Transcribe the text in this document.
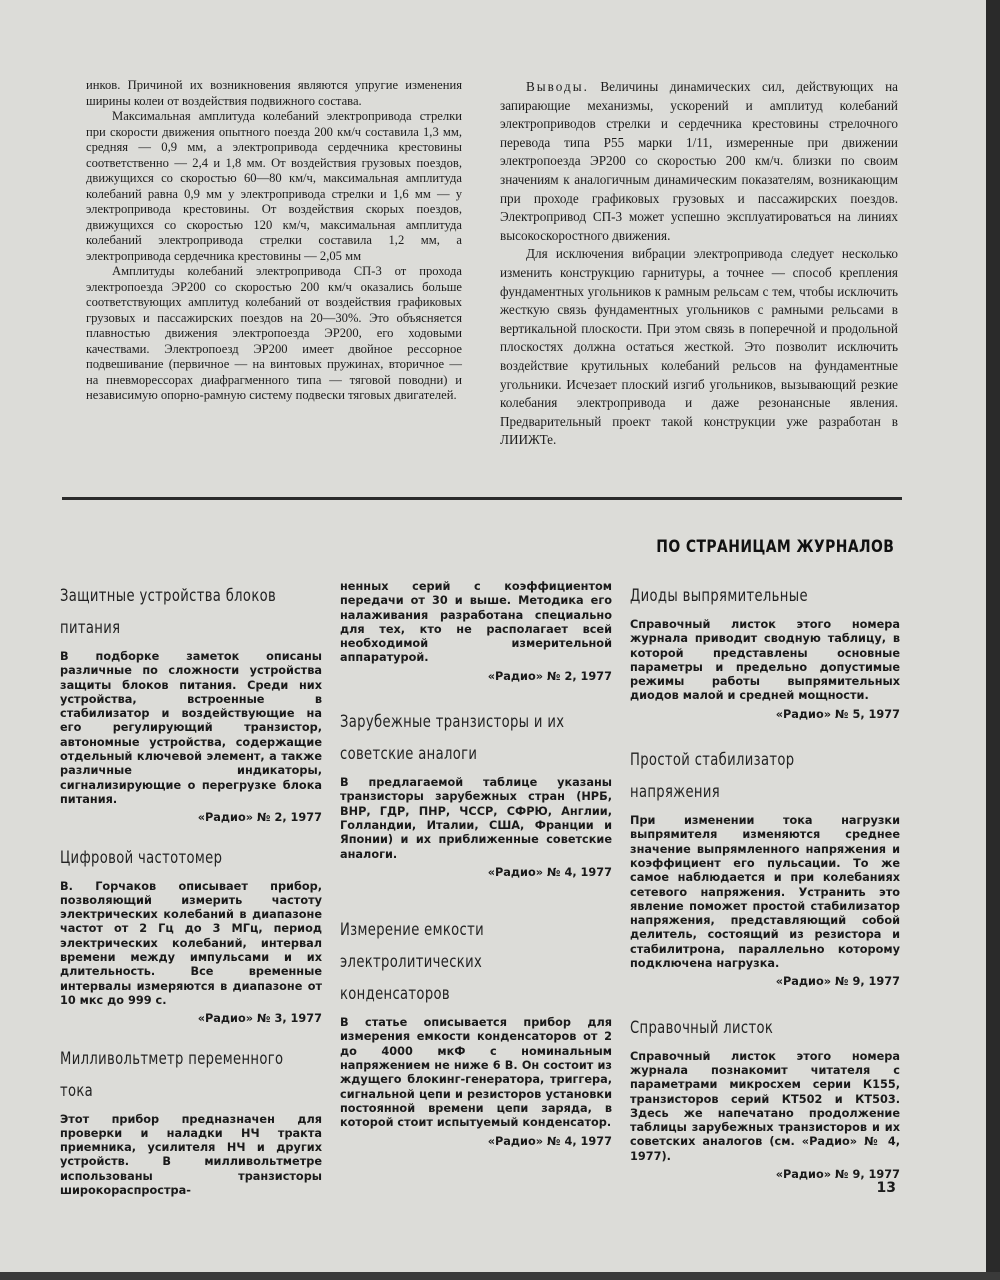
инков. Причиной их возникновения являются упругие изменения ширины колеи от воздействия подвижного состава.

Максимальная амплитуда колебаний электропривода стрелки при скорости движения опытного поезда 200 км/ч составила 1,3 мм, средняя — 0,9 мм, а электропривода сердечника крестовины соответственно — 2,4 и 1,8 мм. От воздействия грузовых поездов, движущихся со скоростью 60—80 км/ч, максимальная амплитуда колебаний равна 0,9 мм у электропривода стрелки и 1,6 мм — у электропривода крестовины. От воздействия скорых поездов, движущихся со скоростью 120 км/ч, максимальная амплитуда колебаний электропривода стрелки составила 1,2 мм, а электропривода сердечника крестовины — 2,05 мм

Амплитуды колебаний электропривода СП-3 от прохода электропоезда ЭР200 со скоростью 200 км/ч оказались больше соответствующих амплитуд колебаний от воздействия графиковых грузовых и пассажирских поездов на 20—30%. Это объясняется плавностью движения электропоезда ЭР200, его ходовыми качествами. Электропоезд ЭР200 имеет двойное рессорное подвешивание (первичное — на винтовых пружинах, вторичное — на пневморессорах диафрагменного типа — тяговой поводни) и независимую опорно-рамную систему подвески тяговых двигателей.

Выводы. Величины динамических сил, действующих на запирающие механизмы, ускорений и амплитуд колебаний электроприводов стрелки и сердечника крестовины стрелочного перевода типа Р55 марки 1/11, измеренные при движении электропоезда ЭР200 со скоростью 200 км/ч. близки по своим значениям к аналогичным динамическим показателям, возникающим при проходе графиковых грузовых и пассажирских поездов. Электропривод СП-3 может успешно эксплуатироваться на линиях высокоскоростного движения.

Для исключения вибрации электропривода следует несколько изменить конструкцию гарнитуры, а точнее — способ крепления фундаментных угольников к рамным рельсам с тем, чтобы исключить жесткую связь фундаментных угольников с рамными рельсами в вертикальной плоскости. При этом связь в поперечной и продольной плоскостях должна остаться жесткой. Это позволит исключить воздействие крутильных колебаний рельсов на фундаментные угольники. Исчезает плоский изгиб угольников, вызывающий резкие колебания электропривода и даже резонансные явления. Предварительный проект такой конструкции уже разработан в ЛИИЖТе.

ПО СТРАНИЦАМ ЖУРНАЛОВ
Защитные устройства блоков питания

В подборке заметок описаны различные по сложности устройства защиты блоков питания. Среди них устройства, встроенные в стабилизатор и воздействующие на его регулирующий транзистор, автономные устройства, содержащие отдельный ключевой элемент, а также различные индикаторы, сигнализирующие о перегрузке блока питания.

«Радио» № 2, 1977

Цифровой частотомер

В. Горчаков описывает прибор, позволяющий измерить частоту электрических колебаний в диапазоне частот от 2 Гц до 3 МГц, период электрических колебаний, интервал времени между импульсами и их длительность. Все временные интервалы измеряются в диапазоне от 10 мкс до 999 с.

«Радио» № 3, 1977

Милливольтметр переменного тока

Этот прибор предназначен для проверки и наладки НЧ тракта приемника, усилителя НЧ и других устройств. В милливольтметре использованы транзисторы широкораспростра-

ненных серий с коэффициентом передачи от 30 и выше. Методика его налаживания разработана специально для тех, кто не располагает всей необходимой измерительной аппаратурой.

«Радио» № 2, 1977

Зарубежные транзисторы и их советские аналоги

В предлагаемой таблице указаны транзисторы зарубежных стран (НРБ, ВНР, ГДР, ПНР, ЧССР, СФРЮ, Англии, Голландии, Италии, США, Франции и Японии) и их приближенные советские аналоги.

«Радио» № 4, 1977

Измерение емкости электролитических конденсаторов

В статье описывается прибор для измерения емкости конденсаторов от 2 до 4000 мкФ с номинальным напряжением не ниже 6 В. Он состоит из ждущего блокинг-генератора, триггера, сигнальной цепи и резисторов установки постоянной времени цепи заряда, в которой стоит испытуемый конденсатор.

«Радио» № 4, 1977

Диоды выпрямительные

Справочный листок этого номера журнала приводит сводную таблицу, в которой представлены основные параметры и предельно допустимые режимы работы выпрямительных диодов малой и средней мощности.

«Радио» № 5, 1977

Простой стабилизатор напряжения

При изменении тока нагрузки выпрямителя изменяются среднее значение выпрямленного напряжения и коэффициент его пульсации. То же самое наблюдается и при колебаниях сетевого напряжения. Устранить это явление поможет простой стабилизатор напряжения, представляющий собой делитель, состоящий из резистора и стабилитрона, параллельно которому подключена нагрузка.

«Радио» № 9, 1977

Справочный листок

Справочный листок этого номера журнала познакомит читателя с параметрами микросхем серии К155, транзисторов серий КТ502 и КТ503. Здесь же напечатано продолжение таблицы зарубежных транзисторов и их советских аналогов (см. «Радио» № 4, 1977).

«Радио» № 9, 1977

13
